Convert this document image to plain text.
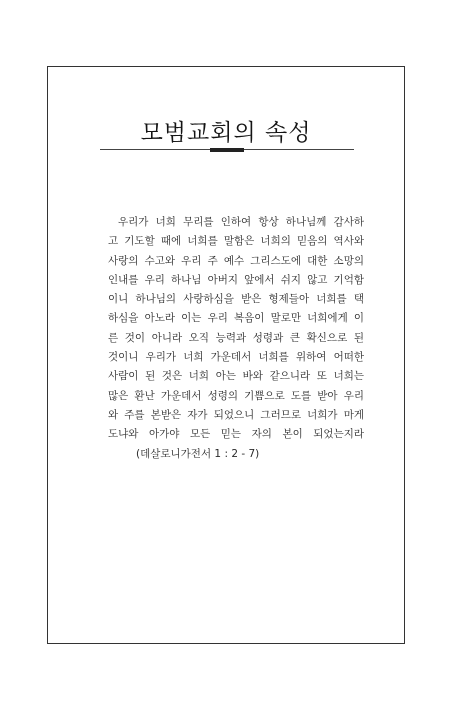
모범교회의 속성
우리가 너희 무리를 인하여 항상 하나님께 감사하
고 기도할 때에 너희를 말함은 너희의 믿음의 역사와
사랑의 수고와 우리 주 예수 그리스도에 대한 소망의
인내를 우리 하나님 아버지 앞에서 쉬지 않고 기억함
이니 하나님의 사랑하심을 받은 형제들아 너희를 택
하심을 아노라 이는 우리 복음이 말로만 너희에게 이
른 것이 아니라 오직 능력과 성령과 큰 확신으로 된
것이니 우리가 너희 가운데서 너희를 위하여 어떠한
사람이 된 것은 너희 아는 바와 같으니라 또 너희는
많은 환난 가운데서 성령의 기쁨으로 도를 받아 우리
와 주를 본받은 자가 되었으니 그러므로 너희가 마게
도냐와 아가야 모든 믿는 자의 본이 되었는지라
(데살로니가전서 1 : 2 - 7)
